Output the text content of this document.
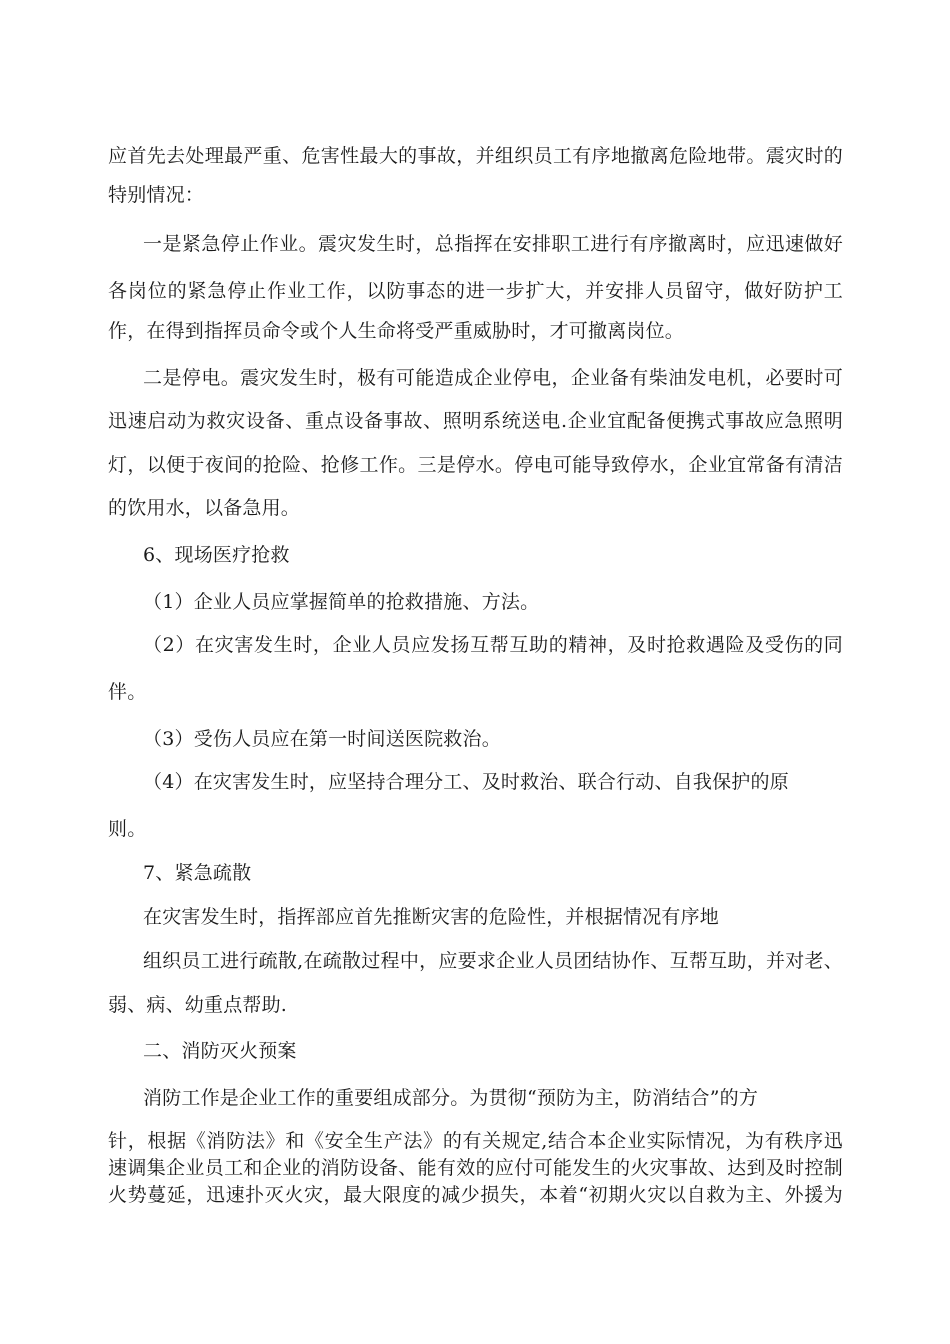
应首先去处理最严重、危害性最大的事故，并组织员工有序地撤离危险地带。震灾时的

特别情况：

一是紧急停止作业。震灾发生时，总指挥在安排职工进行有序撤离时，应迅速做好

各岗位的紧急停止作业工作，以防事态的进一步扩大，并安排人员留守，做好防护工

作，在得到指挥员命令或个人生命将受严重威胁时，才可撤离岗位。

二是停电。震灾发生时，极有可能造成企业停电，企业备有柴油发电机，必要时可

迅速启动为救灾设备、重点设备事故、照明系统送电.企业宜配备便携式事故应急照明

灯，以便于夜间的抢险、抢修工作。三是停水。停电可能导致停水，企业宜常备有清洁

的饮用水，以备急用。

6、现场医疗抢救

（1）企业人员应掌握简单的抢救措施、方法。

（2）在灾害发生时，企业人员应发扬互帮互助的精神，及时抢救遇险及受伤的同

伴。

（3）受伤人员应在第一时间送医院救治。

（4）在灾害发生时，应坚持合理分工、及时救治、联合行动、自我保护的原

则。

7、紧急疏散

在灾害发生时，指挥部应首先推断灾害的危险性，并根据情况有序地

组织员工进行疏散,在疏散过程中，应要求企业人员团结协作、互帮互助，并对老、

弱、病、幼重点帮助.

二、消防灭火预案

消防工作是企业工作的重要组成部分。为贯彻“预防为主，防消结合”的方

针，根据《消防法》和《安全生产法》的有关规定,结合本企业实际情况，为有秩序迅

速调集企业员工和企业的消防设备、能有效的应付可能发生的火灾事故、达到及时控制

火势蔓延，迅速扑灭火灾，最大限度的减少损失，本着“初期火灾以自救为主、外援为
